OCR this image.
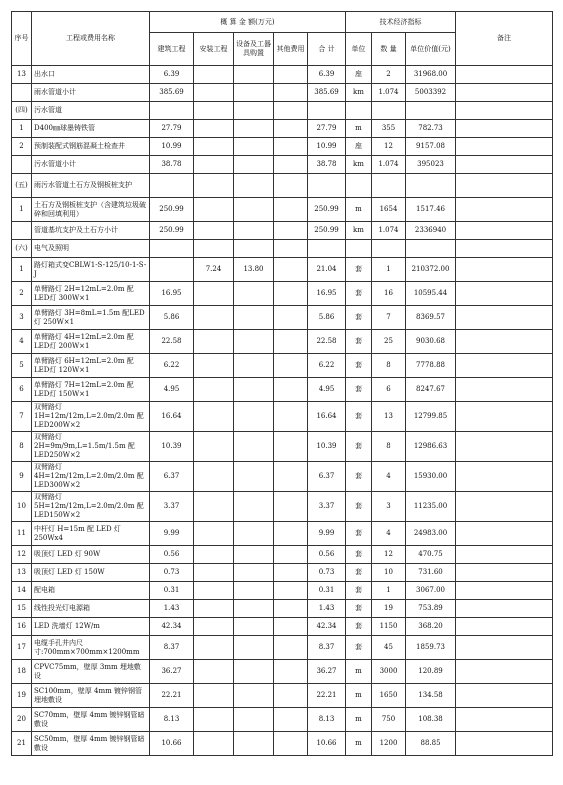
序号	工程或费用名称	概 算 金 额(万元)					技术经济指标			备注
		建筑工程	安装工程	设备及工器具购置	其他费用	合 计	单位	数 量	单位价值(元)	
13	出水口	6.39				6.39	座	2	31968.00	
	雨水管道小计	385.69				385.69	km	1.074	5003392	
(四)	污水管道									
1	D400㎜球墨铸铁管	27.79				27.79	m	355	782.73	
2	预制装配式钢筋混凝土检查井	10.99				10.99	座	12	9157.08	
	污水管道小计	38.78				38.78	km	1.074	395023	
(五)	雨污水管道土石方及钢板桩支护									
1	土石方及钢板桩支护（含建筑垃圾破碎和回填利用）	250.99				250.99	m	1654	1517.46	
	管道基坑支护及土石方小计	250.99				250.99	km	1.074	2336940	
(六)	电气及照明									
1	路灯箱式变CBLW1-S-125/10-1-S-J		7.24	13.80		21.04	套	1	210372.00	
2	单臂路灯 2H=12mL=2.0m 配LED灯 300W×1	16.95				16.95	套	16	10595.44	
3	单臂路灯 3H=8mL=1.5m 配LED灯 250W×1	5.86				5.86	套	7	8369.57	
4	单臂路灯 4H=12mL=2.0m 配LED灯 200W×1	22.58				22.58	套	25	9030.68	
5	单臂路灯 6H=12mL=2.0m 配LED灯 120W×1	6.22				6.22	套	8	7778.88	
6	单臂路灯 7H=12mL=2.0m 配LED灯 150W×1	4.95				4.95	套	6	8247.67	
7	双臂路灯 1H=12m/12m,L=2.0m/2.0m 配LED200W×2	16.64				16.64	套	13	12799.85	
8	双臂路灯 2H=9m/9m,L=1.5m/1.5m 配LED250W×2	10.39				10.39	套	8	12986.63	
9	双臂路灯 4H=12m/12m,L=2.0m/2.0m 配LED300W×2	6.37				6.37	套	4	15930.00	
10	双臂路灯 5H=12m/12m,L=2.0m/2.0m 配LED150W×2	3.37				3.37	套	3	11235.00	
11	中杆灯 H=15m 配 LED 灯250Wx4	9.99				9.99	套	4	24983.00	
12	吸顶灯 LED 灯 90W	0.56				0.56	套	12	470.75	
13	吸顶灯 LED 灯 150W	0.73				0.73	套	10	731.60	
14	配电箱	0.31				0.31	套	1	3067.00	
15	线性投光灯电源箱	1.43				1.43	套	19	753.89	
16	LED 洗墙灯 12W/m	42.34				42.34	套	1150	368.20	
17	电缆手孔井内尺寸:700mm×700mm×1200mm	8.37				8.37	套	45	1859.73	
18	CPVC75mm，壁厚 3mm 埋地敷设	36.27				36.27	m	3000	120.89	
19	SC100mm，壁厚 4mm 镀锌钢管埋地敷设	22.21				22.21	m	1650	134.58	
20	SC70mm，壁厚 4mm 镀锌钢管暗敷设	8.13				8.13	m	750	108.38	
21	SC50mm，壁厚 4mm 镀锌钢管暗敷设	10.66				10.66	m	1200	88.85	
